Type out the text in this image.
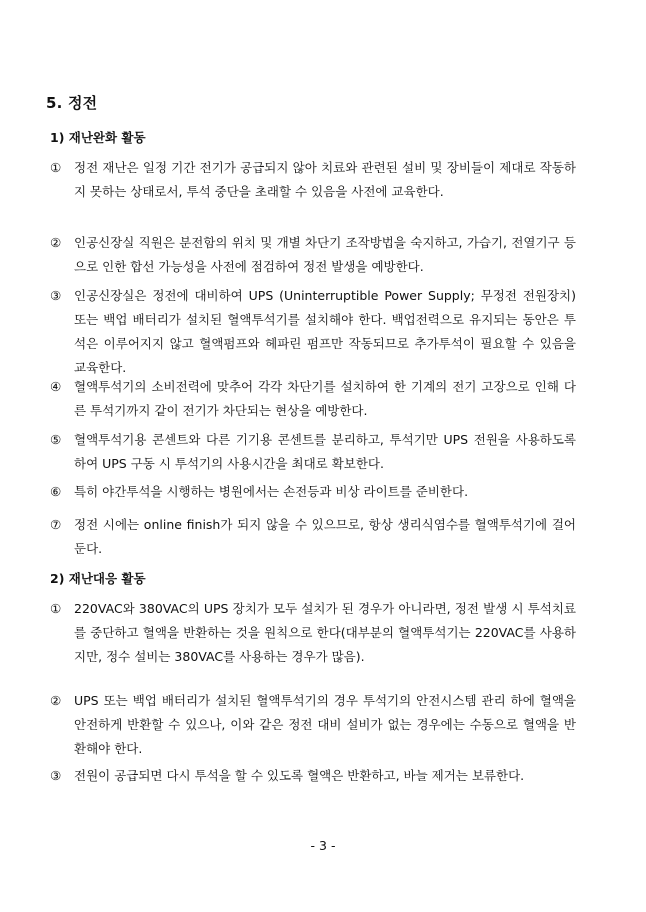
5. 정전
1) 재난완화 활동
①	정전 재난은 일정 기간 전기가 공급되지 않아 치료와 관련된 설비 및 장비들이 제대로 작동하지 못하는 상태로서, 투석 중단을 초래할 수 있음을 사전에 교육한다.
②	인공신장실 직원은 분전함의 위치 및 개별 차단기 조작방법을 숙지하고, 가습기, 전열기구 등으로 인한 합선 가능성을 사전에 점검하여 정전 발생을 예방한다.
③	인공신장실은 정전에 대비하여 UPS (Uninterruptible Power Supply; 무정전 전원장치) 또는 백업 배터리가 설치된 혈액투석기를 설치해야 한다. 백업전력으로 유지되는 동안은 투석은 이루어지지 않고 혈액펌프와 헤파린 펌프만 작동되므로 추가투석이 필요할 수 있음을 교육한다.
④	혈액투석기의 소비전력에 맞추어 각각 차단기를 설치하여 한 기계의 전기 고장으로 인해 다른 투석기까지 같이 전기가 차단되는 현상을 예방한다.
⑤	혈액투석기용 콘센트와 다른 기기용 콘센트를 분리하고, 투석기만 UPS 전원을 사용하도록 하여 UPS 구동 시 투석기의 사용시간을 최대로 확보한다.
⑥	특히 야간투석을 시행하는 병원에서는 손전등과 비상 라이트를 준비한다.
⑦	정전 시에는 online finish가 되지 않을 수 있으므로, 항상 생리식염수를 혈액투석기에 걸어둔다.
2) 재난대응 활동
①	220VAC와 380VAC의 UPS 장치가 모두 설치가 된 경우가 아니라면, 정전 발생 시 투석치료를 중단하고 혈액을 반환하는 것을 원칙으로 한다(대부분의 혈액투석기는 220VAC를 사용하지만, 정수 설비는 380VAC를 사용하는 경우가 많음).
②	UPS 또는 백업 배터리가 설치된 혈액투석기의 경우 투석기의 안전시스템 관리 하에 혈액을 안전하게 반환할 수 있으나, 이와 같은 정전 대비 설비가 없는 경우에는 수동으로 혈액을 반환해야 한다.
③	전원이 공급되면 다시 투석을 할 수 있도록 혈액은 반환하고, 바늘 제거는 보류한다.
- 3 -
